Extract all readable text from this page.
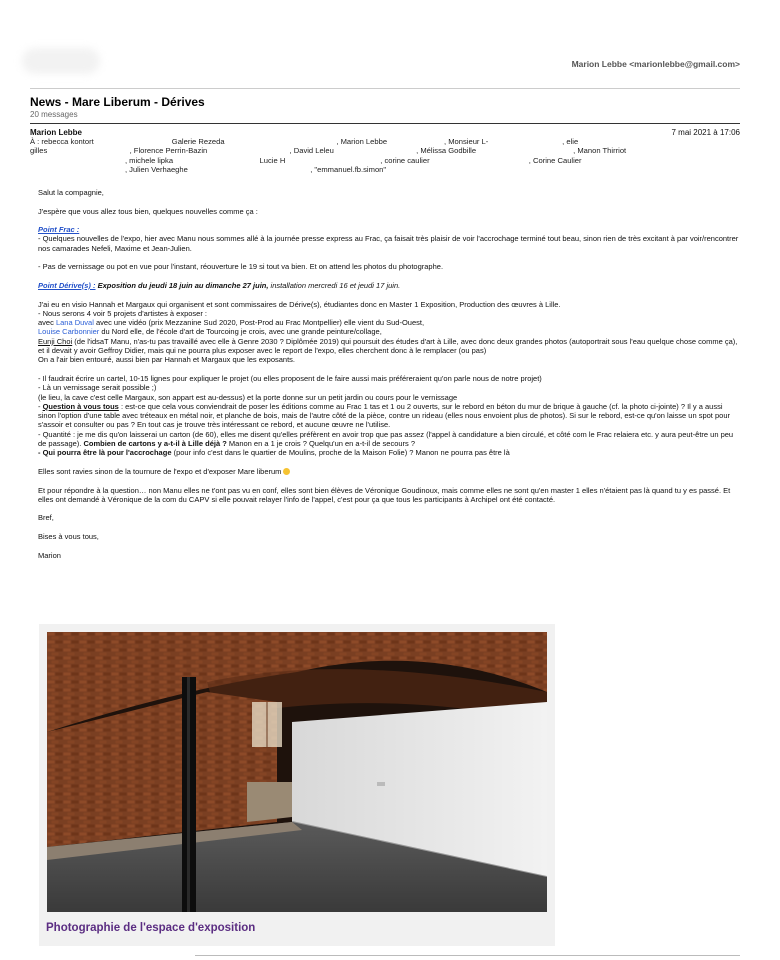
Marion Lebbe <marionlebbe@gmail.com>
News - Mare Liberum - Dérives
20 messages
Marion Lebbe	7 mai 2021 à 17:06
À : rebecca kontort                                     Galerie Rezeda                                                     , Marion Lebbe                           , Monsieur L-                                   , elie
gilles                                       , Florence Perrin-Bazin                                       , David Leleu                                       , Mélissa Godbille                                              , Manon Thirriot
, michele lipka                                         Lucie H                                             , corine caulier                                               , Corine Caulier
, Julien Verhaeghe                                                          , "emmanuel.fb.simon"

Salut la compagnie,

J'espère que vous allez tous bien, quelques nouvelles comme ça :

Point Frac :
- Quelques nouvelles de l'expo, hier avec Manu nous sommes allé à la journée presse express au Frac, ça faisait très plaisir de voir l'accrochage terminé tout beau, sinon rien de très excitant à par voir/rencontrer nos camarades Nefeli, Maxime et Jean-Julien.

- Pas de vernissage ou pot en vue pour l'instant, réouverture le 19 si tout va bien. Et on attend les photos du photographe.

Point Dérive(s) : Exposition du jeudi 18 juin au dimanche 27 juin, installation mercredi 16 et jeudi 17 juin.

J'ai eu en visio Hannah et Margaux qui organisent et sont commissaires de Dérive(s), étudiantes donc en Master 1 Exposition, Production des œuvres à Lille.
- Nous serons 4 voir 5 projets d'artistes à exposer :
avec Lana Duval avec une vidéo (prix Mezzanine Sud 2020, Post-Prod au Frac Montpellier) elle vient du Sud-Ouest,
Louise Carbonnier du Nord elle, de l'école d'art de Tourcoing je crois, avec une grande peinture/collage,
Eunji Choi (de l'idsaT Manu, n'as-tu pas travaillé avec elle à Genre 2030 ? Diplômée 2019) qui poursuit des études d'art à Lille, avec donc deux grandes photos (autoportrait sous l'eau quelque chose comme ça),
et il devait y avoir Geffroy Didier, mais qui ne pourra plus exposer avec le report de l'expo, elles cherchent donc à le remplacer (ou pas)
On a l'air bien entouré, aussi bien par Hannah et Margaux que les exposants.

- Il faudrait écrire un cartel, 10-15 lignes pour expliquer le projet (ou elles proposent de le faire aussi mais préféreraient qu'on parle nous de notre projet)
- Là un vernissage serait possible ;)
(le lieu, la cave c'est celle Margaux, son appart est au-dessus) et la porte donne sur un petit jardin ou cours pour le vernissage
- Question à vous tous : est-ce que cela vous conviendrait de poser les éditions comme au Frac 1 tas et 1 ou 2 ouverts, sur le rebord en béton du mur de brique à gauche (cf. la photo ci-jointe) ? Il y a aussi sinon l'option d'une table avec tréteaux en métal noir, et planche de bois, mais de l'autre côté de la pièce, contre un rideau (elles nous envoient plus de photos). Si sur le rebord, est-ce qu'on laisse un spot pour s'assoir et consulter ou pas ? En tout cas je trouve très intéressant ce rebord, et aucune œuvre ne l'utilise.
- Quantité : je me dis qu'on laisserai un carton (de 60), elles me disent qu'elles préfèrent en avoir trop que pas assez (l'appel à candidature a bien circulé, et côté com le Frac relaiera etc. y aura peut-être un peu de passage). Combien de cartons y a-t-il à Lille déjà ? Manon en a 1 je crois ? Quelqu'un en a-t-il de secours ?
- Qui pourra être là pour l'accrochage (pour info c'est dans le quartier de Moulins, proche de la Maison Folie) ? Manon ne pourra pas être là

Elles sont ravies sinon de la tournure de l'expo et d'exposer Mare liberum

Et pour répondre à la question… non Manu elles ne t'ont pas vu en conf, elles sont bien élèves de Véronique Goudinoux, mais comme elles ne sont qu'en master 1 elles n'étaient pas là quand tu y es passé. Et elles ont demandé à Véronique de la com du CAPV si elle pouvait relayer l'info de l'appel, c'est pour ça que tous les participants à Archipel ont été contacté.

Bref,

Bises à vous tous,

Marion

Photographie de l'espace d'exposition
